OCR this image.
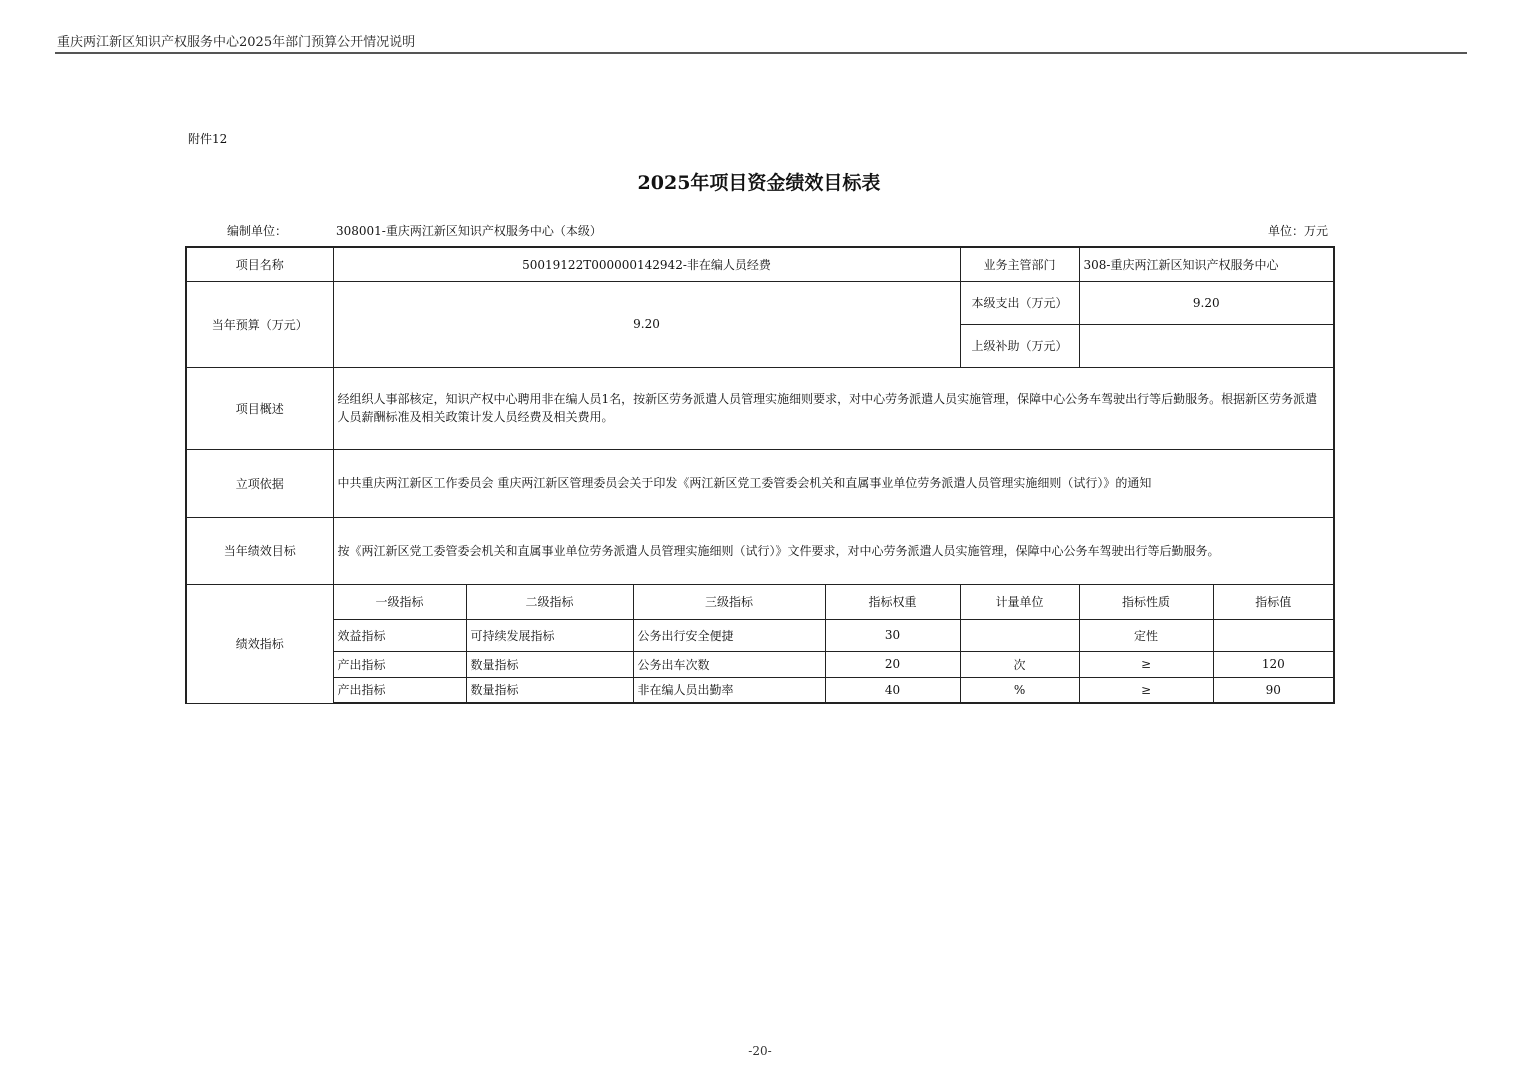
重庆两江新区知识产权服务中心2025年部门预算公开情况说明
附件12
2025年项目资金绩效目标表
编制单位：	308001-重庆两江新区知识产权服务中心（本级）	单位：万元
项目名称	50019122T000000142942-非在编人员经费				业务主管部门	308-重庆两江新区知识产权服务中心	
当年预算（万元）	9.20				本级支出（万元）	9.20	
					上级补助（万元）		
项目概述	经组织人事部核定，知识产权中心聘用非在编人员1名，按新区劳务派遣人员管理实施细则要求，对中心劳务派遣人员实施管理，保障中心公务车驾驶出行等后勤服务。根据新区劳务派遣人员薪酬标准及相关政策计发人员经费及相关费用。						
立项依据	中共重庆两江新区工作委员会 重庆两江新区管理委员会关于印发《两江新区党工委管委会机关和直属事业单位劳务派遣人员管理实施细则（试行）》的通知						
当年绩效目标	按《两江新区党工委管委会机关和直属事业单位劳务派遣人员管理实施细则（试行）》文件要求，对中心劳务派遣人员实施管理，保障中心公务车驾驶出行等后勤服务。						
绩效指标	一级指标	二级指标	三级指标	指标权重	计量单位	指标性质	指标值
	效益指标	可持续发展指标	公务出行安全便捷	30		定性	
	产出指标	数量指标	公务出车次数	20	次	≥	120
	产出指标	数量指标	非在编人员出勤率	40	%	≥	90
-20-
